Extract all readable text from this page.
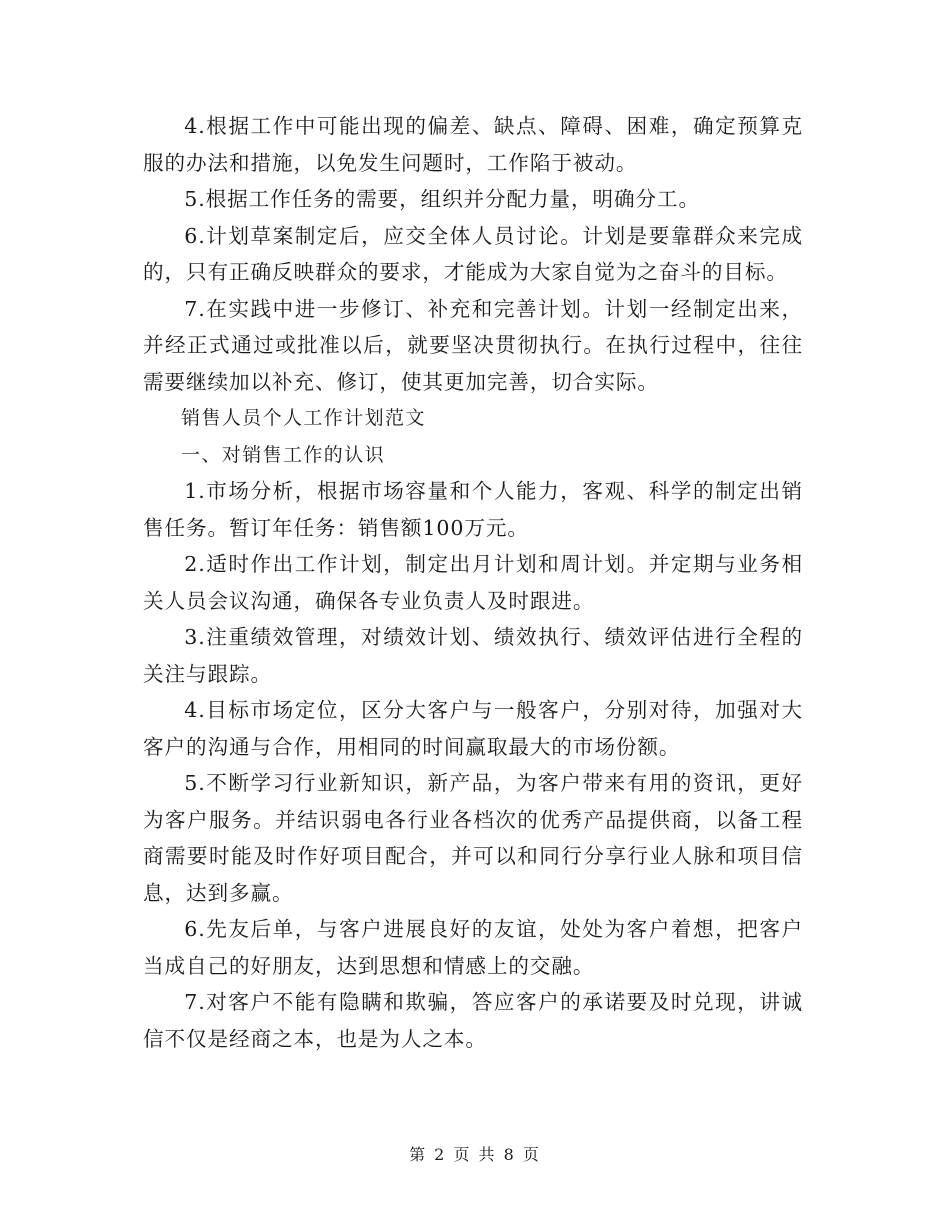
4.根据工作中可能出现的偏差、缺点、障碍、困难，确定预算克服的办法和措施，以免发生问题时，工作陷于被动。

5.根据工作任务的需要，组织并分配力量，明确分工。

6.计划草案制定后，应交全体人员讨论。计划是要靠群众来完成的，只有正确反映群众的要求，才能成为大家自觉为之奋斗的目标。

7.在实践中进一步修订、补充和完善计划。计划一经制定出来，并经正式通过或批准以后，就要坚决贯彻执行。在执行过程中，往往需要继续加以补充、修订，使其更加完善，切合实际。

销售人员个人工作计划范文

一、对销售工作的认识

1.市场分析，根据市场容量和个人能力，客观、科学的制定出销售任务。暂订年任务：销售额100万元。

2.适时作出工作计划，制定出月计划和周计划。并定期与业务相关人员会议沟通，确保各专业负责人及时跟进。

3.注重绩效管理，对绩效计划、绩效执行、绩效评估进行全程的关注与跟踪。

4.目标市场定位，区分大客户与一般客户，分别对待，加强对大客户的沟通与合作，用相同的时间赢取最大的市场份额。

5.不断学习行业新知识，新产品，为客户带来有用的资讯，更好为客户服务。并结识弱电各行业各档次的优秀产品提供商，以备工程商需要时能及时作好项目配合，并可以和同行分享行业人脉和项目信息，达到多赢。

6.先友后单，与客户进展良好的友谊，处处为客户着想，把客户当成自己的好朋友，达到思想和情感上的交融。

7.对客户不能有隐瞒和欺骗，答应客户的承诺要及时兑现，讲诚信不仅是经商之本，也是为人之本。

第 2 页 共 8 页
